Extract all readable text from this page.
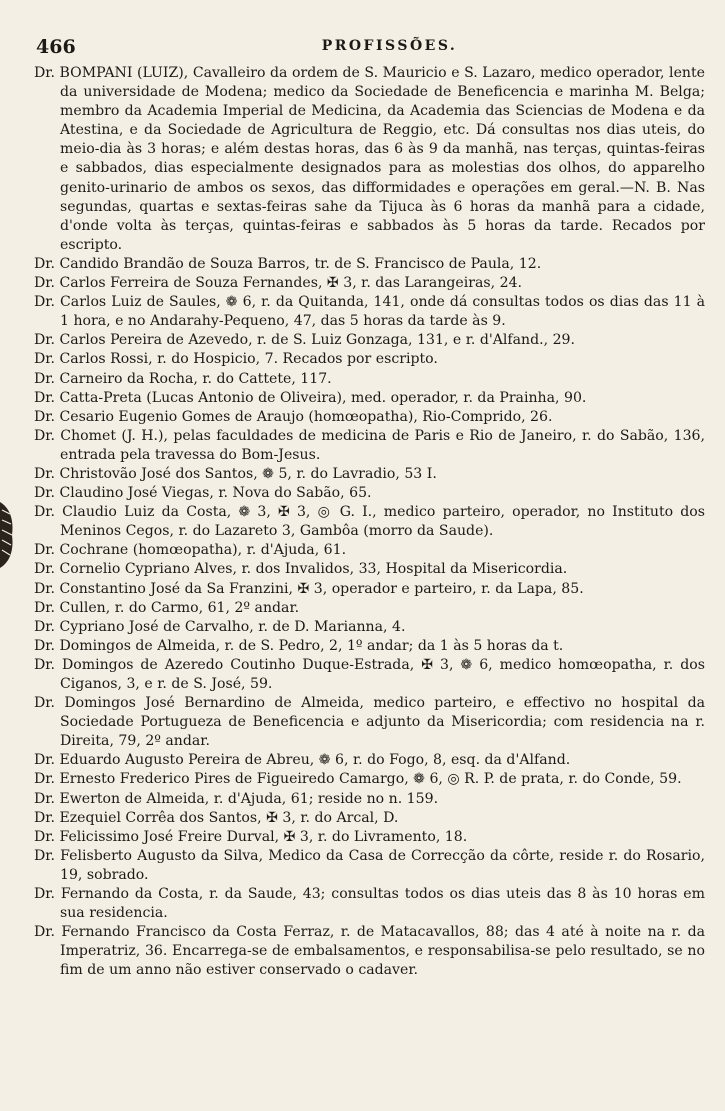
466	PROFISSÕES.
Dr. BOMPANI (LUIZ), Cavalleiro da ordem de S. Mauricio e S. Lazaro, medico operador, lente da universidade de Modena; medico da Sociedade de Beneficencia e marinha M. Belga; membro da Academia Imperial de Medicina, da Academia das Sciencias de Modena e da Atestina, e da Sociedade de Agricultura de Reggio, etc. Dá consultas nos dias uteis, do meio-dia às 3 horas; e além destas horas, das 6 às 9 da manhã, nas terças, quintas-feiras e sabbados, dias especialmente designados para as molestias dos olhos, do apparelho genito-urinario de ambos os sexos, das difformidades e operações em geral.—N. B. Nas segundas, quartas e sextas-feiras sahe da Tijuca às 6 horas da manhã para a cidade, d'onde volta às terças, quintas-feiras e sabbados às 5 horas da tarde. Recados por escripto.
Dr. Candido Brandão de Souza Barros, tr. de S. Francisco de Paula, 12.
Dr. Carlos Ferreira de Souza Fernandes, ✠ 3, r. das Larangeiras, 24.
Dr. Carlos Luiz de Saules, ❁ 6, r. da Quitanda, 141, onde dá consultas todos os dias das 11 à 1 hora, e no Andarahy-Pequeno, 47, das 5 horas da tarde às 9.
Dr. Carlos Pereira de Azevedo, r. de S. Luiz Gonzaga, 131, e r. d'Alfand., 29.
Dr. Carlos Rossi, r. do Hospicio, 7. Recados por escripto.
Dr. Carneiro da Rocha, r. do Cattete, 117.
Dr. Catta-Preta (Lucas Antonio de Oliveira), med. operador, r. da Prainha, 90.
Dr. Cesario Eugenio Gomes de Araujo (homœopatha), Rio-Comprido, 26.
Dr. Chomet (J. H.), pelas faculdades de medicina de Paris e Rio de Janeiro, r. do Sabão, 136, entrada pela travessa do Bom-Jesus.
Dr. Christovão José dos Santos, ❁ 5, r. do Lavradio, 53 I.
Dr. Claudino José Viegas, r. Nova do Sabão, 65.
Dr. Claudio Luiz da Costa, ❁ 3, ✠ 3, ◎ G. I., medico parteiro, operador, no Instituto dos Meninos Cegos, r. do Lazareto 3, Gambôa (morro da Saude).
Dr. Cochrane (homœopatha), r. d'Ajuda, 61.
Dr. Cornelio Cypriano Alves, r. dos Invalidos, 33, Hospital da Misericordia.
Dr. Constantino José da Sa Franzini, ✠ 3, operador e parteiro, r. da Lapa, 85.
Dr. Cullen, r. do Carmo, 61, 2º andar.
Dr. Cypriano José de Carvalho, r. de D. Marianna, 4.
Dr. Domingos de Almeida, r. de S. Pedro, 2, 1º andar; da 1 às 5 horas da t.
Dr. Domingos de Azeredo Coutinho Duque-Estrada, ✠ 3, ❁ 6, medico homœopatha, r. dos Ciganos, 3, e r. de S. José, 59.
Dr. Domingos José Bernardino de Almeida, medico parteiro, e effectivo no hospital da Sociedade Portugueza de Beneficencia e adjunto da Misericordia; com residencia na r. Direita, 79, 2º andar.
Dr. Eduardo Augusto Pereira de Abreu, ❁ 6, r. do Fogo, 8, esq. da d'Alfand.
Dr. Ernesto Frederico Pires de Figueiredo Camargo, ❁ 6, ◎ R. P. de prata, r. do Conde, 59.
Dr. Ewerton de Almeida, r. d'Ajuda, 61; reside no n. 159.
Dr. Ezequiel Corrêa dos Santos, ✠ 3, r. do Arcal, D.
Dr. Felicissimo José Freire Durval, ✠ 3, r. do Livramento, 18.
Dr. Felisberto Augusto da Silva, Medico da Casa de Correcção da côrte, reside r. do Rosario, 19, sobrado.
Dr. Fernando da Costa, r. da Saude, 43; consultas todos os dias uteis das 8 às 10 horas em sua residencia.
Dr. Fernando Francisco da Costa Ferraz, r. de Matacavallos, 88; das 4 até à noite na r. da Imperatriz, 36. Encarrega-se de embalsamentos, e responsabilisa-se pelo resultado, se no fim de um anno não estiver conservado o cadaver.
